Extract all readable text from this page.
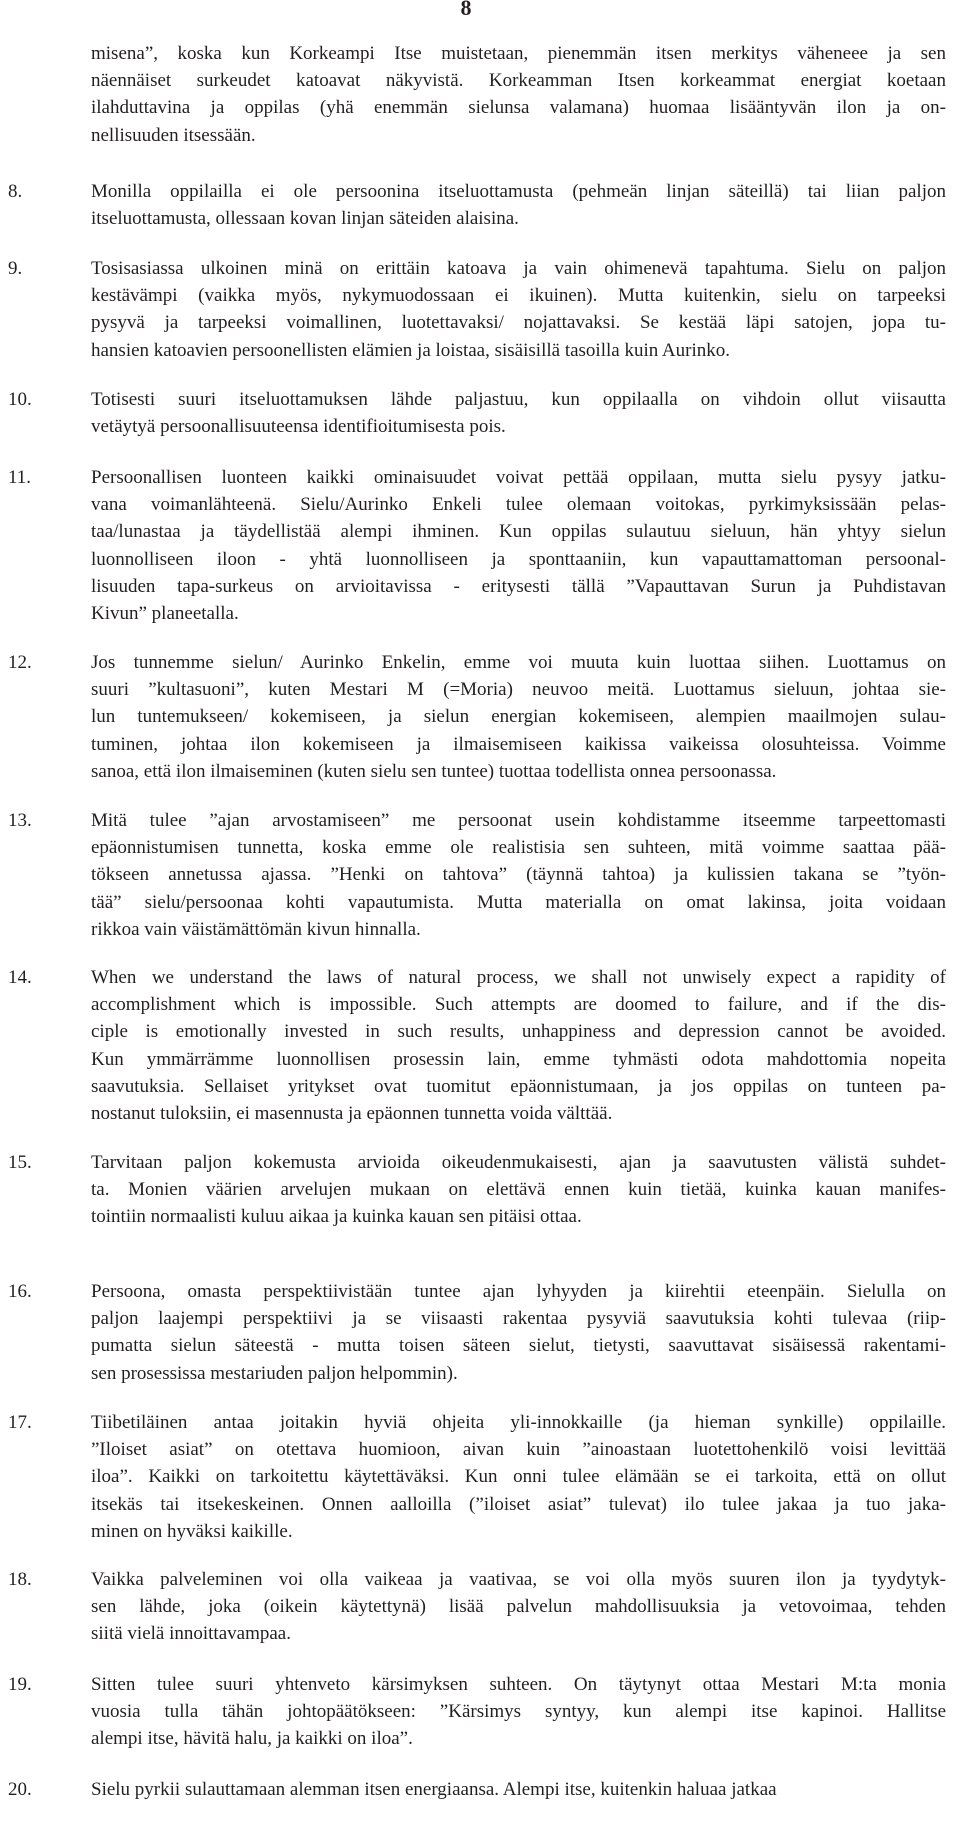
8
misena”, koska kun Korkeampi Itse muistetaan, pienemmän itsen merkitys väheneee ja sen
näennäiset surkeudet katoavat näkyvistä. Korkeamman Itsen korkeammat energiat koetaan
ilahduttavina ja oppilas (yhä enemmän sielunsa valamana) huomaa lisääntyvän ilon ja on-
nellisuuden itsessään.
8.	Monilla oppilailla ei ole persoonina itseluottamusta (pehmeän linjan säteillä) tai liian paljon
itseluottamusta, ollessaan kovan linjan säteiden alaisina.
9.	Tosisasiassa ulkoinen minä on erittäin katoava ja vain ohimenevä tapahtuma. Sielu on paljon
kestävämpi (vaikka myös, nykymuodossaan ei ikuinen). Mutta kuitenkin, sielu on tarpeeksi
pysyvä ja tarpeeksi voimallinen, luotettavaksi/ nojattavaksi. Se kestää läpi satojen, jopa tu-
hansien katoavien persoonellisten elämien ja loistaa, sisäisillä tasoilla kuin Aurinko.
10.	Totisesti suuri itseluottamuksen lähde paljastuu, kun oppilaalla on vihdoin ollut viisautta
vetäytyä persoonallisuuteensa identifioitumisesta pois.
11.	Persoonallisen luonteen kaikki ominaisuudet voivat pettää oppilaan, mutta sielu pysyy jatku-
vana voimanlähteenä. Sielu/Aurinko Enkeli tulee olemaan voitokas, pyrkimyksissään pelas-
taa/lunastaa ja täydellistää alempi ihminen. Kun oppilas sulautuu sieluun, hän yhtyy sielun
luonnolliseen iloon - yhtä luonnolliseen ja sponttaaniin, kun vapauttamattoman persoonal-
lisuuden tapa-surkeus on arvioitavissa - eritysesti tällä ”Vapauttavan Surun ja Puhdistavan
Kivun” planeetalla.
12.	Jos tunnemme sielun/ Aurinko Enkelin, emme voi muuta kuin luottaa siihen. Luottamus on
suuri ”kultasuoni”, kuten Mestari M (=Moria) neuvoo meitä. Luottamus sieluun, johtaa sie-
lun tuntemukseen/ kokemiseen, ja sielun energian kokemiseen, alempien maailmojen sulau-
tuminen, johtaa ilon kokemiseen ja ilmaisemiseen kaikissa vaikeissa olosuhteissa. Voimme
sanoa, että ilon ilmaiseminen (kuten sielu sen tuntee) tuottaa todellista onnea persoonassa.
13.	Mitä tulee ”ajan arvostamiseen” me persoonat usein kohdistamme itseemme tarpeettomasti
epäonnistumisen tunnetta, koska emme ole realistisia sen suhteen, mitä voimme saattaa pää-
tökseen annetussa ajassa. ”Henki on tahtova” (täynnä tahtoa) ja kulissien takana se ”työn-
tää” sielu/persoonaa kohti vapautumista. Mutta materialla on omat lakinsa, joita voidaan
rikkoa vain väistämättömän kivun hinnalla.
14.	When we understand the laws of natural process, we shall not unwisely expect a rapidity of
accomplishment which is impossible. Such attempts are doomed to failure, and if the dis-
ciple is emotionally invested in such results, unhappiness and depression cannot be avoided.
Kun ymmärrämme luonnollisen prosessin lain, emme tyhmästi odota mahdottomia nopeita
saavutuksia. Sellaiset yritykset ovat tuomitut epäonnistumaan, ja jos oppilas on tunteen pa-
nostanut tuloksiin, ei masennusta ja epäonnen tunnetta voida välttää.
15.	Tarvitaan paljon kokemusta arvioida oikeudenmukaisesti, ajan ja saavutusten välistä suhdet-
ta. Monien väärien arvelujen mukaan on elettävä ennen kuin tietää, kuinka kauan manifes-
tointiin normaalisti kuluu aikaa ja kuinka kauan sen pitäisi ottaa.
16.	Persoona, omasta perspektiivistään tuntee ajan lyhyyden ja kiirehtii eteenpäin. Sielulla on
paljon laajempi perspektiivi ja se viisaasti rakentaa pysyviä saavutuksia kohti tulevaa (riip-
pumatta sielun säteestä - mutta toisen säteen sielut, tietysti, saavuttavat sisäisessä rakentami-
sen prosessissa mestariuden paljon helpommin).
17.	Tiibetiläinen antaa joitakin hyviä ohjeita yli-innokkaille (ja hieman synkille) oppilaille.
”Iloiset asiat” on otettava huomioon, aivan kuin ”ainoastaan luotettohenkilö voisi levittää
iloa”. Kaikki on tarkoitettu käytettäväksi. Kun onni tulee elämään se ei tarkoita, että on ollut
itsekäs tai itsekeskeinen. Onnen aalloilla (”iloiset asiat” tulevat) ilo tulee jakaa ja tuo jaka-
minen on hyväksi kaikille.
18.	Vaikka palveleminen voi olla vaikeaa ja vaativaa, se voi olla myös suuren ilon ja tyydytyk-
sen lähde, joka (oikein käytettynä) lisää palvelun mahdollisuuksia ja vetovoimaa, tehden
siitä vielä innoittavampaa.
19.	Sitten tulee suuri yhtenveto kärsimyksen suhteen. On täytynyt ottaa Mestari M:ta monia
vuosia tulla tähän johtopäätökseen: ”Kärsimys syntyy, kun alempi itse kapinoi. Hallitse
alempi itse, hävitä halu, ja kaikki on iloa”.
20.	Sielu pyrkii sulauttamaan alemman itsen energiaansa. Alempi itse, kuitenkin haluaa jatkaa
